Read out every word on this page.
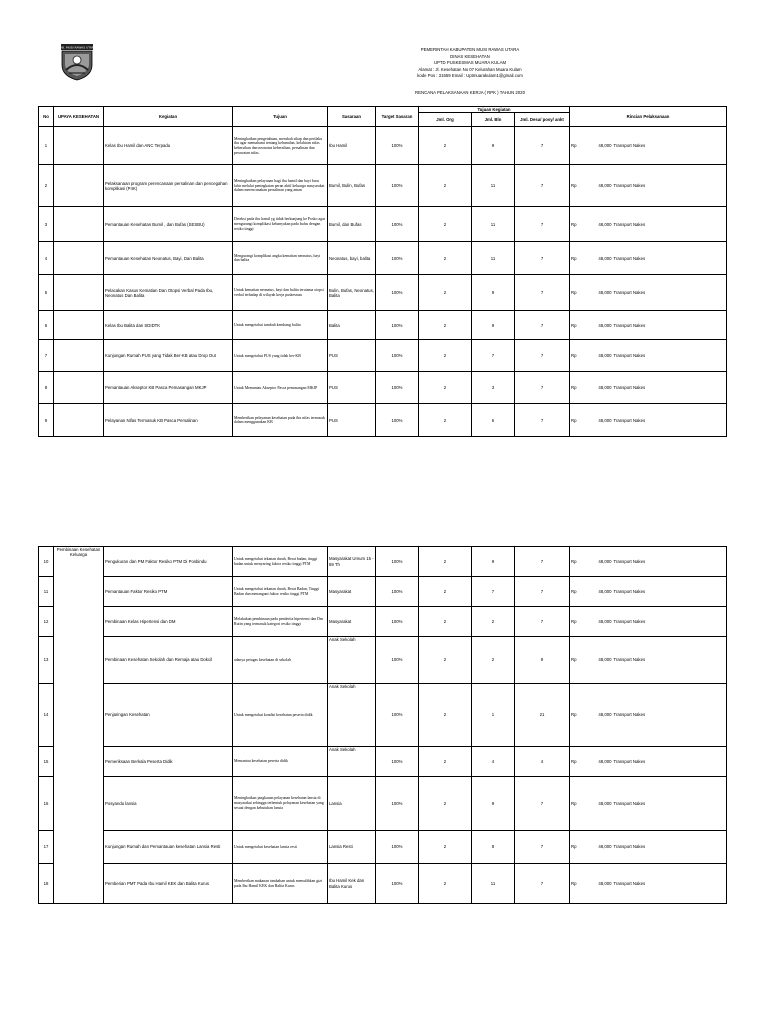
KAB. MUSI RAWAS UTARA	PEMERINTAH KABUPATEN MUSI RAWAS UTARA
DINAS KESEHATAN
UPTD PUSKESMAS MUARA KULAM
Alamat : Jl. Kesehatan No 07 Kelurahan Muara Kulam
kode Pos : 31659 Email : Uptmuarakulam1@gmail.com
RENCANA PELAKSANAAN KERJA ( RPK ) TAHUN 2020
No	UPAYA KESEHATAN	Kegiatan	Tujuan	Sasaraan	Target Sasaran	Tujuan Kegiatan			Rincian Pelaksanaan		
						Jml. Org	Jml. Bln	Jml. Desa/ posy/ ankt			
1		Kelas Ibu Hamil dan ANC Terpadu	Meningkatkan pengetahuan, merubah sikap dan perilaku ibu agar memahami tentang kehamilan, kelahiran nifas kebersihan dan neonatus kebersihan, persalinan dan perawatan nifas.	Ibu Hamil	100%	2	9	7	Rp	48,000	Transport Nakes
2		Pelaksanaan program perencanaan persalinan dan pencegahan komplikasi (P4K)	Meningkatkan pelayanan bagi ibu hamil dan bayi baru lahir melalui peningkatan peran aktif keluarga masyarakat dalam merencanakan persalinan yang aman	Bumil, Bulin, Bufas	100%	2	11	7	Rp	48,000	Transport Nakes
3		Pemantauan Kesehatan Bumil , dan Bufas (SESBU)	Deteksi pada ibu hamil yg tidak berkunjung ke Posko agar mengurangi komplikasi kebanyakan pada bufas dengan resiko tinggi	Bumil, dan Bufas	100%	2	11	7	Rp	48,000	Transport Nakes
4		Pemantauan Kesehatan Neonatus, Bayi, Dan Balita	Mengurangi komplikasi angka kematian neonatus, bayi dan balita	Neonatus, bayi, balita	100%	2	11	7	Rp	48,000	Transport Nakes
5		Pelacakan Kasus Kematian Dan Otopsi Verbal Pada Ibu, Neonatus Dan Balita	Untuk kematian neonatus, bayi dan balita terutama otopsi verbal terhadap di wilayah kerja puskesmas	Bulin, Bufas, Neonatus, Balita	100%	2	9	7	Rp	48,000	Transport Nakes
6		Kelas Ibu Balita dan SDIDTK	Untuk mengetahui tumbuh kembang balita	Balita	100%	2	9	7	Rp	48,000	Transport Nakes
7		Kunjungan Rumah PUS yang Tidak Ber-KB atau Drop Out	Untuk mengetahui PUS yang tidak ber-KB	PUS	100%	2	7	7	Rp	48,000	Transport Nakes
8		Pemantauan Akseptor KB Pasca Pemasangan MKJP	Untuk Memantau Akseptor Pasca pemasangan MKJP	PUS	100%	2	3	7	Rp	48,000	Transport Nakes
9		Pelayanan Nifas Termasuk KB Pasca Persalinan	Memberikan pelayanan kesehatan pada ibu nifas termasuk dalam menggunakan KB	PUS	100%	2	6	7	Rp	48,000	Transport Nakes
10	Pembinaan Kesehatan Keluarga	Pengukuran dan PM Faktor Resiko PTM Di Posbindu	Untuk mengetahui tekanan darah, Berat badan, tinggi badan untuk menyaring faktor resiko tinggi PTM	Masyarakat Umum 15 - 59 Th	100%	2	9	7	Rp	48,000	Transport Nakes
11		Pemantauan Faktor Resiko PTM	Untuk mengetahui tekanan darah, Berat Badan, Tinggi Badan dan menangani faktor resiko tinggi PTM	Masyarakat	100%	2	7	7	Rp	48,000	Transport Nakes
12		Pembinaan Kelas Hipertensi dan DM	Melakukan pembinaan pada penderita hipertensi dan Dm Rutin yang termasuk kategori resiko tinggi	Masyarakat	100%	2	2	7	Rp	48,000	Transport Nakes
13		Pembinaan Kesehatan Sekolah dan Remaja atau Dokcil	adanya petugas kesehatan di sekolah	Anak Sekolah	100%	2	2	9	Rp	48,000	Transport Nakes
14		Penjaringan Kesehatan	Untuk mengetahui kondisi kesehatan peserta didik	Anak Sekolah	100%	2	1	21	Rp	48,000	Transport Nakes
15		Pemeriksaan Berkala Peserta Didik	Memantau kesehatan peserta didik	Anak Sekolah	100%	2	4	4	Rp	48,000	Transport Nakes
16		Posyandu lansia	Meningkatkan jangkauan pelayanan kesehatan lansia di masyarakat sehingga terbentuk pelayanan kesehatan yang sesuai dengan kebutuhan lansia	Lansia	100%	2	9	7	Rp	48,000	Transport Nakes
17		Kunjungan Rumah dan Pemantauan kesehatan Lansia Resti	Untuk mengetahui kesehatan lansia resti	Lansia Resti	100%	2	8	7	Rp	48,000	Transport Nakes
18		Pemberian PMT Pada Ibu Hamil KEK dan Balita Kurus	Memberikan makanan tambahan untuk memulihkan gizi pada Ibu Hamil KEK dan Balita Kurus	Ibu Hamil Kek dan Balita Kurus	100%	2	11	7	Rp	48,000	Transport Nakes
